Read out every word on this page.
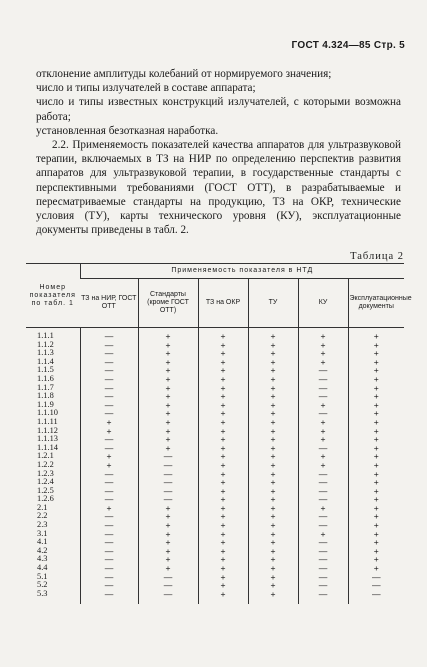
ГОСТ 4.324—85 Стр. 5

отклонение амплитуды колебаний от нормируемого значения;

число и типы излучателей в составе аппарата;

число и типы известных конструкций излучателей, с которыми возможна работа;

установленная безотказная наработка.

2.2. Применяемость показателей качества аппаратов для ультразвуковой терапии, включаемых в ТЗ на НИР по определению перспектив развития аппаратов для ультразвуковой терапии, в государственные стандарты с перспективными требованиями (ГОСТ ОТТ), в разрабатываемые и пересматриваемые стандарты на продукцию, ТЗ на ОКР, технические условия (ТУ), карты технического уровня (КУ), эксплуатационные документы приведены в табл. 2.

Таблица 2
Номер показателя по табл. 1	Применяемость показателя в НТД					
	ТЗ на НИР, ГОСТ ОТТ	Стандарты (кроме ГОСТ ОТТ)	ТЗ на ОКР	ТУ	КУ	Эксплуатационные документы
1.1.1	—	+	+	+	+	+
1.1.2	—	+	+	+	+	+
1.1.3	—	+	+	+	+	+
1.1.4	—	+	+	+	+	+
1.1.5	—	+	+	+	—	+
1.1.6	—	+	+	+	—	+
1.1.7	—	+	+	+	—	+
1.1.8	—	+	+	+	—	+
1.1.9	—	+	+	+	+	+
1.1.10	—	+	+	+	—	+
1.1.11	+	+	+	+	+	+
1.1.12	+	+	+	+	+	+
1.1.13	—	+	+	+	+	+
1.1.14	—	+	+	+	—	+
1.2.1	+	—	+	+	+	+
1.2.2	+	—	+	+	+	+
1.2.3	—	—	+	+	—	+
1.2.4	—	—	+	+	—	+
1.2.5	—	—	+	+	—	+
1.2.6	—	—	+	+	—	+
2.1	+	+	+	+	+	+
2.2	—	+	+	+	—	+
2.3	—	+	+	+	—	+
3.1	—	+	+	+	+	+
4.1	—	+	+	+	—	+
4.2	—	+	+	+	—	+
4.3	—	+	+	+	—	+
4.4	—	+	+	+	—	+
5.1	—	—	+	+	—	—
5.2	—	—	+	+	—	—
5.3	—	—	+	+	—	—
